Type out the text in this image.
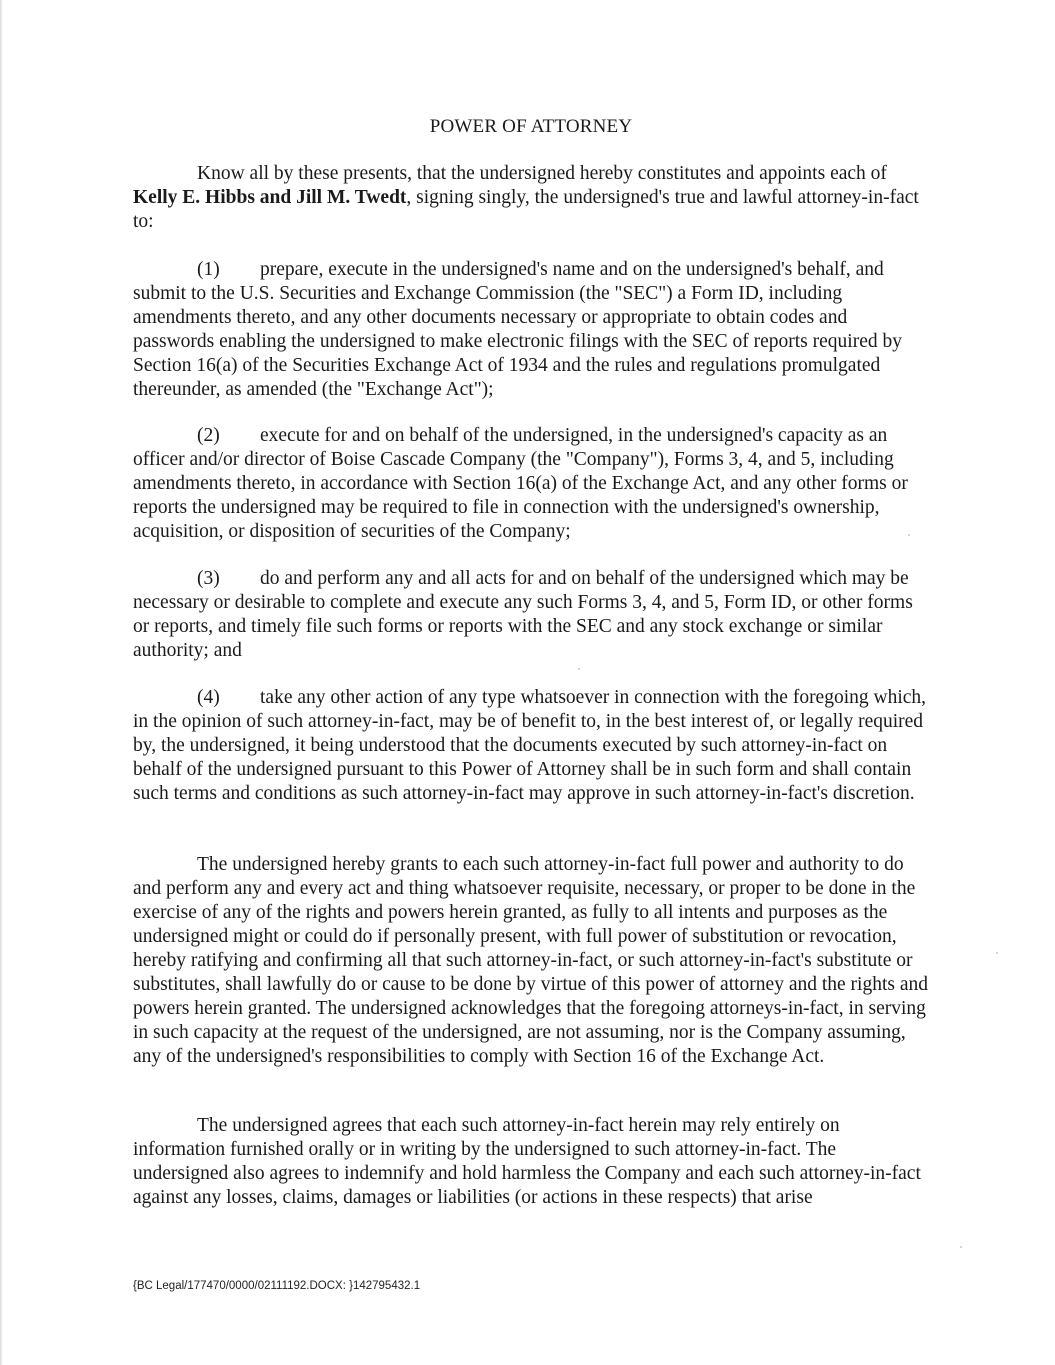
POWER OF ATTORNEY

Know all by these presents, that the undersigned hereby constitutes and appoints each of
Kelly E. Hibbs and Jill M. Twedt, signing singly, the undersigned's true and lawful attorney-in-fact to:

(1) prepare, execute in the undersigned's name and on the undersigned's behalf, and submit to the U.S. Securities and Exchange Commission (the "SEC") a Form ID, including amendments thereto, and any other documents necessary or appropriate to obtain codes and passwords enabling the undersigned to make electronic filings with the SEC of reports required by Section 16(a) of the Securities Exchange Act of 1934 and the rules and regulations promulgated thereunder, as amended (the "Exchange Act");

(2) execute for and on behalf of the undersigned, in the undersigned's capacity as an officer and/or director of Boise Cascade Company (the "Company"), Forms 3, 4, and 5, including amendments thereto, in accordance with Section 16(a) of the Exchange Act, and any other forms or reports the undersigned may be required to file in connection with the undersigned's ownership, acquisition, or disposition of securities of the Company;

(3) do and perform any and all acts for and on behalf of the undersigned which may be necessary or desirable to complete and execute any such Forms 3, 4, and 5, Form ID, or other forms or reports, and timely file such forms or reports with the SEC and any stock exchange or similar authority; and

(4) take any other action of any type whatsoever in connection with the foregoing which, in the opinion of such attorney-in-fact, may be of benefit to, in the best interest of, or legally required by, the undersigned, it being understood that the documents executed by such attorney-in-fact on behalf of the undersigned pursuant to this Power of Attorney shall be in such form and shall contain such terms and conditions as such attorney-in-fact may approve in such attorney-in-fact's discretion.

The undersigned hereby grants to each such attorney-in-fact full power and authority to do and perform any and every act and thing whatsoever requisite, necessary, or proper to be done in the exercise of any of the rights and powers herein granted, as fully to all intents and purposes as the undersigned might or could do if personally present, with full power of substitution or revocation, hereby ratifying and confirming all that such attorney-in-fact, or such attorney-in-fact's substitute or substitutes, shall lawfully do or cause to be done by virtue of this power of attorney and the rights and powers herein granted. The undersigned acknowledges that the foregoing attorneys-in-fact, in serving in such capacity at the request of the undersigned, are not assuming, nor is the Company assuming, any of the undersigned's responsibilities to comply with Section 16 of the Exchange Act.

The undersigned agrees that each such attorney-in-fact herein may rely entirely on information furnished orally or in writing by the undersigned to such attorney-in-fact. The undersigned also agrees to indemnify and hold harmless the Company and each such attorney-in-fact against any losses, claims, damages or liabilities (or actions in these respects) that arise

{BC Legal/177470/0000/02111192.DOCX: }142795432.1
